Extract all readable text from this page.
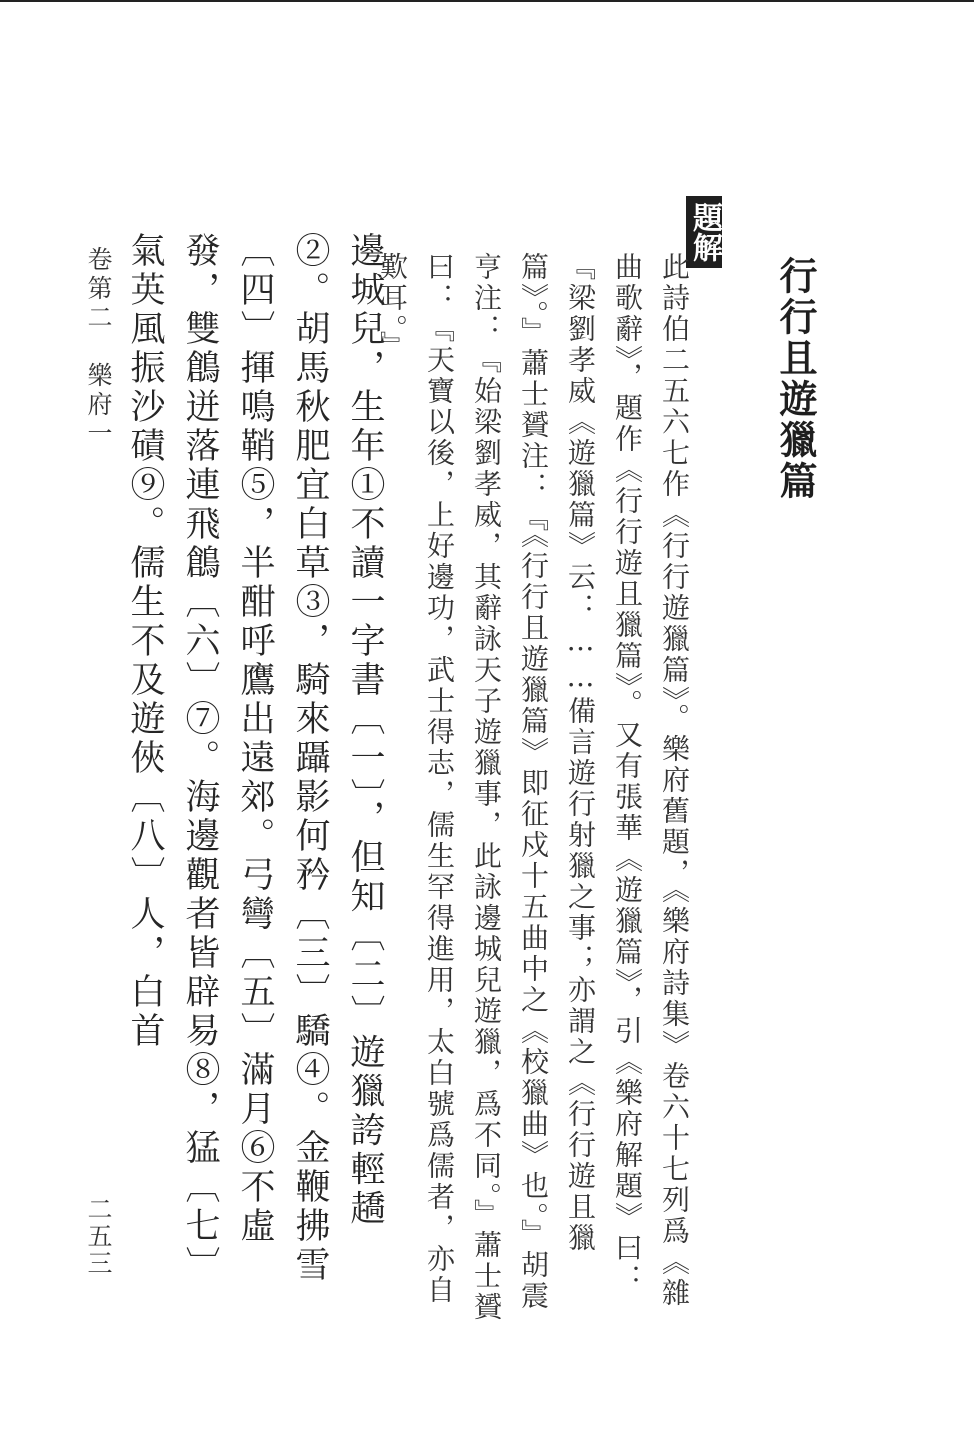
行行且遊獵篇
題解

此詩伯二五六七作《行行遊獵篇》。樂府舊題，《樂府詩集》卷六十七列爲《雜曲歌辭》，題作《行行遊且獵篇》。又有張華《遊獵篇》，引《樂府解題》曰：『梁劉孝威《遊獵篇》云：……備言遊行射獵之事；亦謂之《行行遊且獵篇》。』蕭士贇注：『《行行且遊獵篇》即征戍十五曲中之《校獵曲》也。』胡震亨注：『始梁劉孝威，其辭詠天子遊獵事，此詠邊城兒遊獵，爲不同。』蕭士贇曰：『天寶以後，上好邊功，武士得志，儒生罕得進用，太白號爲儒者，亦自歎耳。』

邊城兒，生年①不讀一字書〔一〕，但知〔二〕遊獵誇輕趫②。胡馬秋肥宜白草③，騎來躡影何矜〔三〕驕④。金鞭拂雪〔四〕揮鳴鞘⑤，半酣呼鷹出遠郊。弓彎〔五〕滿月⑥不虛發，雙鶬迸落連飛鶬〔六〕⑦。海邊觀者皆辟易⑧，猛〔七〕氣英風振沙磧⑨。儒生不及遊俠〔八〕人，白首

卷第二　樂府一
二五三
